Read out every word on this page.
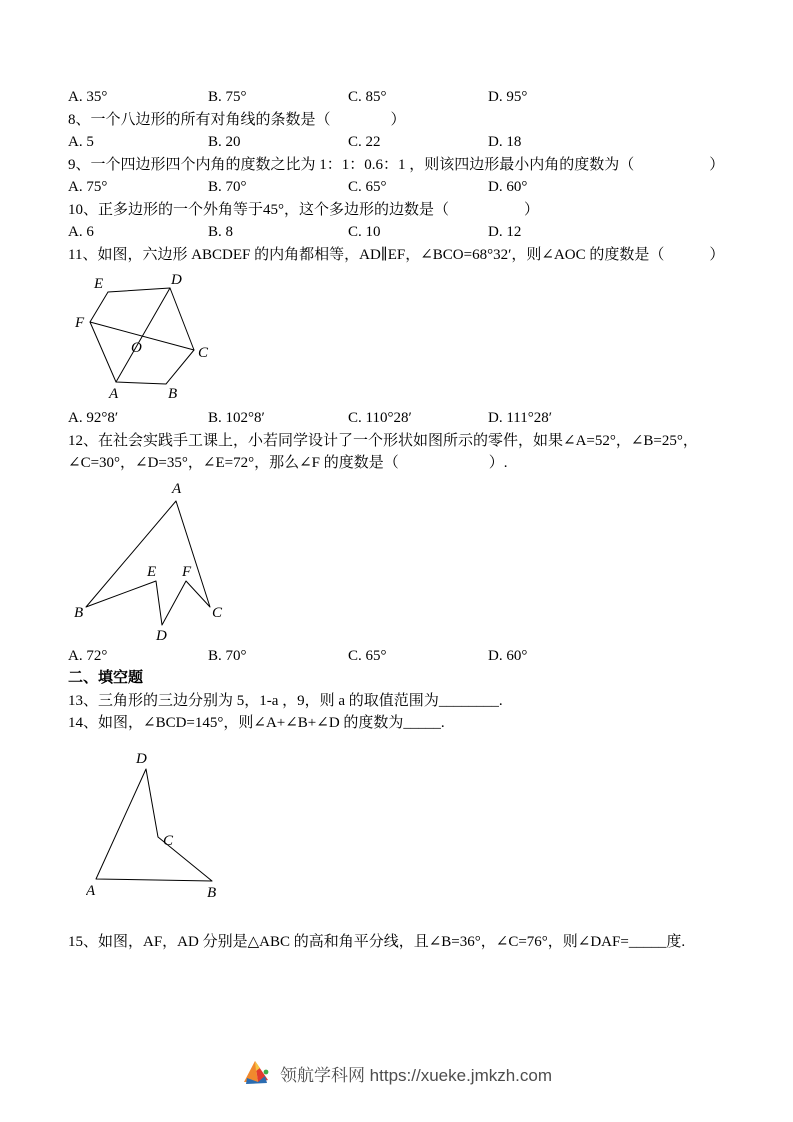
A. 35°	B. 75°	C. 85°	D. 95°
8、一个八边形的所有对角线的条数是（　　　　）
A. 5	B. 20	C. 22	D. 18
9、一个四边形四个内角的度数之比为 1：1：0.6：1 ，则该四边形最小内角的度数为（　　　　　）
A. 75°	B. 70°	C. 65°	D. 60°
10、正多边形的一个外角等于45°，这个多边形的边数是（　　　　　）
A. 6	B. 8	C. 10	D. 12
11、如图，六边形 ABCDEF 的内角都相等，AD∥EF，∠BCO=68°32′，则∠AOC 的度数是（　　　）
E	D
F
O	C
A	B
A. 92°8′	B. 102°8′	C. 110°28′	D. 111°28′
12、在社会实践手工课上，小若同学设计了一个形状如图所示的零件，如果∠A=52°，∠B=25°，
∠C=30°，∠D=35°，∠E=72°，那么∠F 的度数是（　　　　　　）.
A
E F
B	C
D
A. 72°	B. 70°	C. 65°	D. 60°
二、填空题
13、三角形的三边分别为 5，1-a ，9，则 a 的取值范围为________.
14、如图，∠BCD=145°，则∠A+∠B+∠D 的度数为_____.
D
C
A	B
15、如图，AF，AD 分别是△ABC 的高和角平分线，且∠B=36°，∠C=76°，则∠DAF=_____度.
领航学科网 https://xueke.jmkzh.com
